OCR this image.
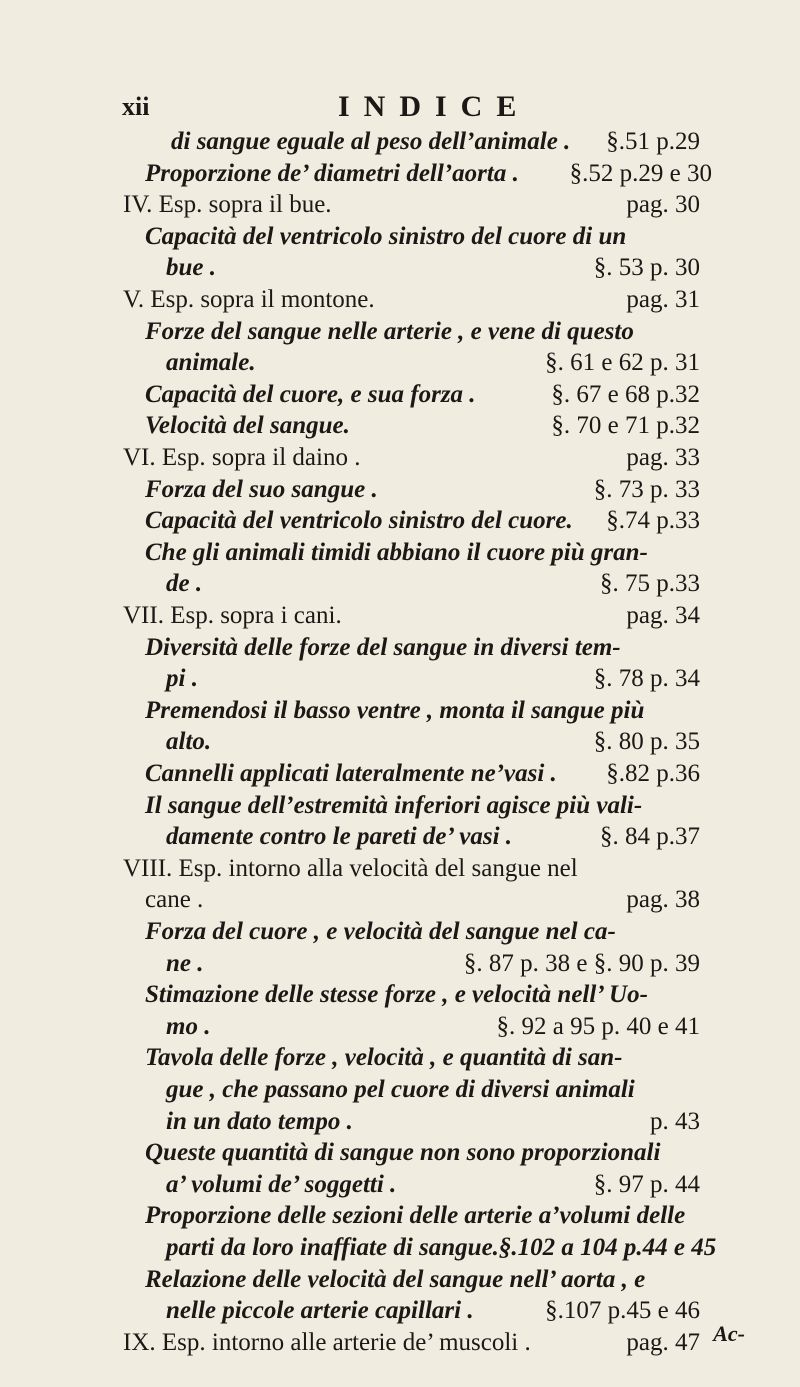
xii	INDICE
di sangue eguale al peso dell’animale . §.51 p.29
Proporzione de’ diametri dell’aorta . §.52 p.29 e 30
IV. Esp. sopra il bue.	pag. 30
Capacità del ventricolo sinistro del cuore di un
bue .	§. 53 p. 30
V. Esp. sopra il montone.	pag. 31
Forze del sangue nelle arterie , e vene di questo
animale.	§. 61 e 62 p. 31
Capacità del cuore, e sua forza .	§. 67 e 68 p.32
Velocità del sangue.	§. 70 e 71 p.32
VI. Esp. sopra il daino .	pag. 33
Forza del suo sangue .	§. 73 p. 33
Capacità del ventricolo sinistro del cuore. §.74 p.33
Che gli animali timidi abbiano il cuore più gran-
de .	§. 75 p.33
VII. Esp. sopra i cani.	pag. 34
Diversità delle forze del sangue in diversi tem-
pi .	§. 78 p. 34
Premendosi il basso ventre , monta il sangue più
alto.	§. 80 p. 35
Cannelli applicati lateralmente ne’vasi . §.82 p.36
Il sangue dell’estremità inferiori agisce più vali-
damente contro le pareti de’ vasi .	§. 84 p.37
VIII. Esp. intorno alla velocità del sangue nel
cane .	pag. 38
Forza del cuore , e velocità del sangue nel ca-
ne .	§. 87 p. 38 e §. 90 p. 39
Stimazione delle stesse forze , e velocità nell’ Uo-
mo .	§. 92 a 95 p. 40 e 41
Tavola delle forze , velocità , e quantità di san-
gue , che passano pel cuore di diversi animali
in un dato tempo .	p. 43
Queste quantità di sangue non sono proporzionali
a’ volumi de’ soggetti .	§. 97 p. 44
Proporzione delle sezioni delle arterie a’volumi delle
parti da loro inaffiate di sangue.§.102 a 104 p.44 e 45
Relazione delle velocità del sangue nell’ aorta , e
nelle piccole arterie capillari .	§.107 p.45 e 46
IX. Esp. intorno alle arterie de’ muscoli .	pag. 47 Ac-
